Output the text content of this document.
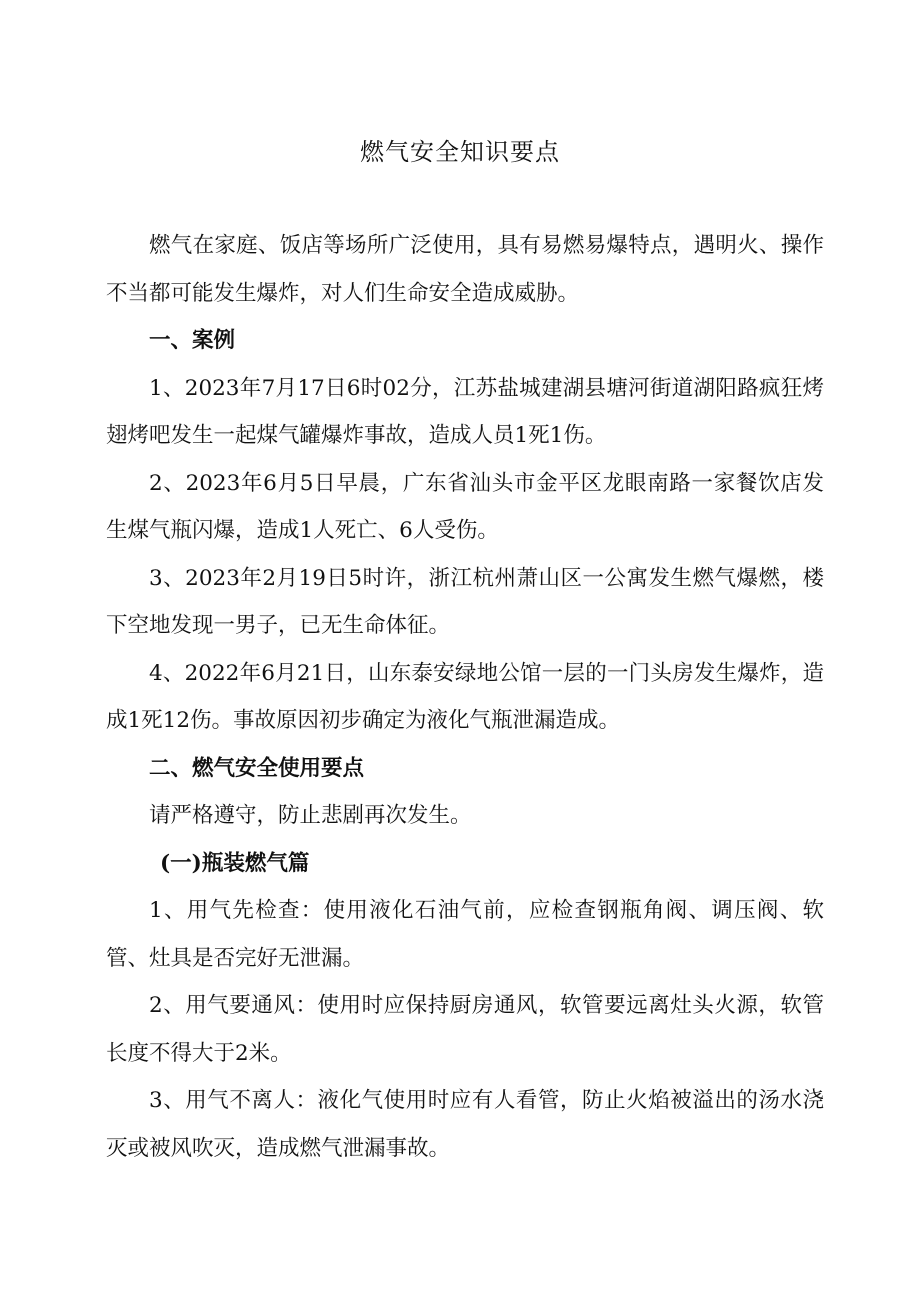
燃气安全知识要点

燃气在家庭、饭店等场所广泛使用，具有易燃易爆特点，遇明火、操作不当都可能发生爆炸，对人们生命安全造成威胁。

一、案例

1、2023年7月17日6时02分，江苏盐城建湖县塘河街道湖阳路疯狂烤翅烤吧发生一起煤气罐爆炸事故，造成人员1死1伤。

2、2023年6月5日早晨，广东省汕头市金平区龙眼南路一家餐饮店发生煤气瓶闪爆，造成1人死亡、6人受伤。

3、2023年2月19日5时许，浙江杭州萧山区一公寓发生燃气爆燃，楼下空地发现一男子，已无生命体征。

4、2022年6月21日，山东泰安绿地公馆一层的一门头房发生爆炸，造成1死12伤。事故原因初步确定为液化气瓶泄漏造成。

二、燃气安全使用要点

请严格遵守，防止悲剧再次发生。

(一)瓶装燃气篇

1、用气先检查：使用液化石油气前，应检查钢瓶角阀、调压阀、软管、灶具是否完好无泄漏。

2、用气要通风：使用时应保持厨房通风，软管要远离灶头火源，软管长度不得大于2米。

3、用气不离人：液化气使用时应有人看管，防止火焰被溢出的汤水浇灭或被风吹灭，造成燃气泄漏事故。
